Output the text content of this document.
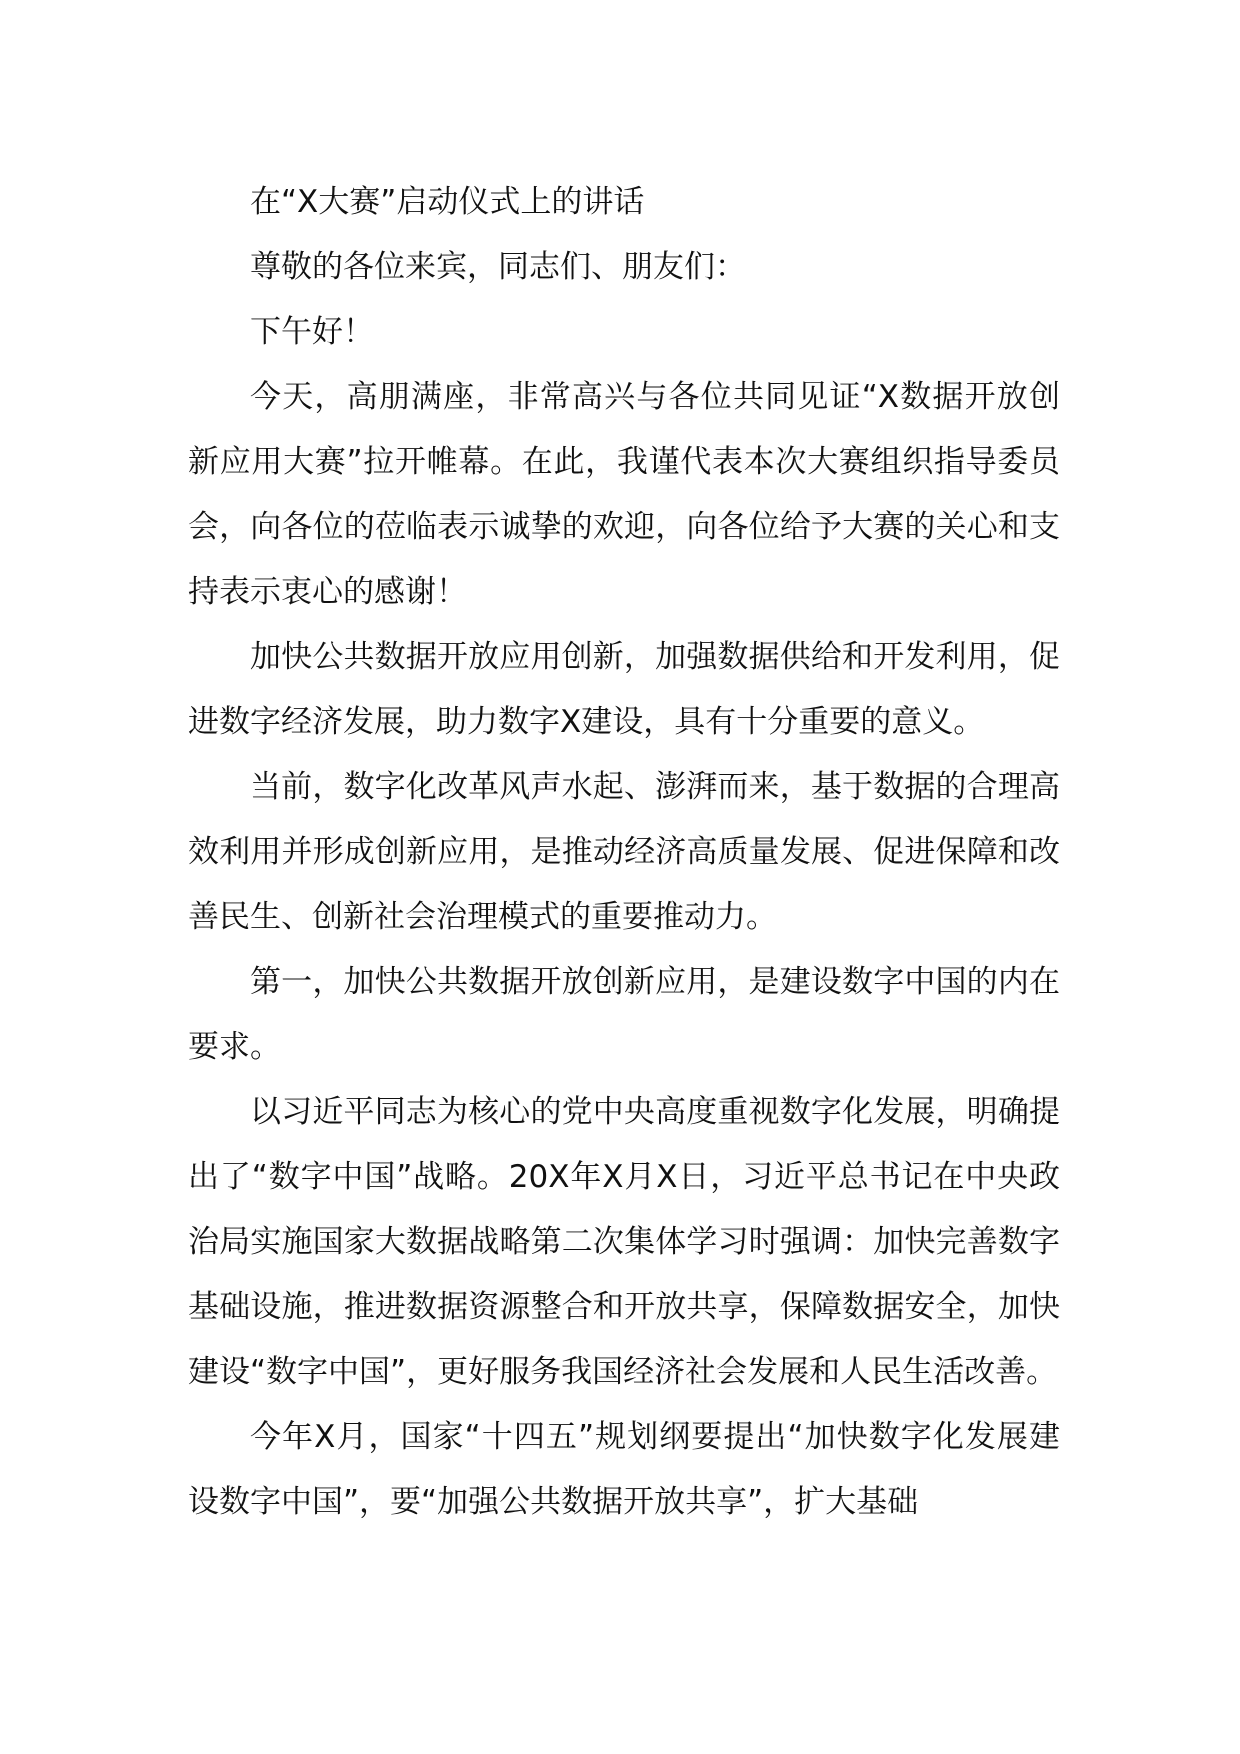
在“X大赛”启动仪式上的讲话

尊敬的各位来宾，同志们、朋友们：

下午好！

今天，高朋满座，非常高兴与各位共同见证“X数据开放创新应用大赛”拉开帷幕。在此，我谨代表本次大赛组织指导委员会，向各位的莅临表示诚挚的欢迎，向各位给予大赛的关心和支持表示衷心的感谢！

加快公共数据开放应用创新，加强数据供给和开发利用，促进数字经济发展，助力数字X建设，具有十分重要的意义。

当前，数字化改革风声水起、澎湃而来，基于数据的合理高效利用并形成创新应用，是推动经济高质量发展、促进保障和改善民生、创新社会治理模式的重要推动力。

第一，加快公共数据开放创新应用，是建设数字中国的内在要求。

以习近平同志为核心的党中央高度重视数字化发展，明确提出了“数字中国”战略。20X年X月X日，习近平总书记在中央政治局实施国家大数据战略第二次集体学习时强调：加快完善数字基础设施，推进数据资源整合和开放共享，保障数据安全，加快建设“数字中国”，更好服务我国经济社会发展和人民生活改善。

今年X月，国家“十四五”规划纲要提出“加快数字化发展建设数字中国”，要“加强公共数据开放共享”，扩大基础
